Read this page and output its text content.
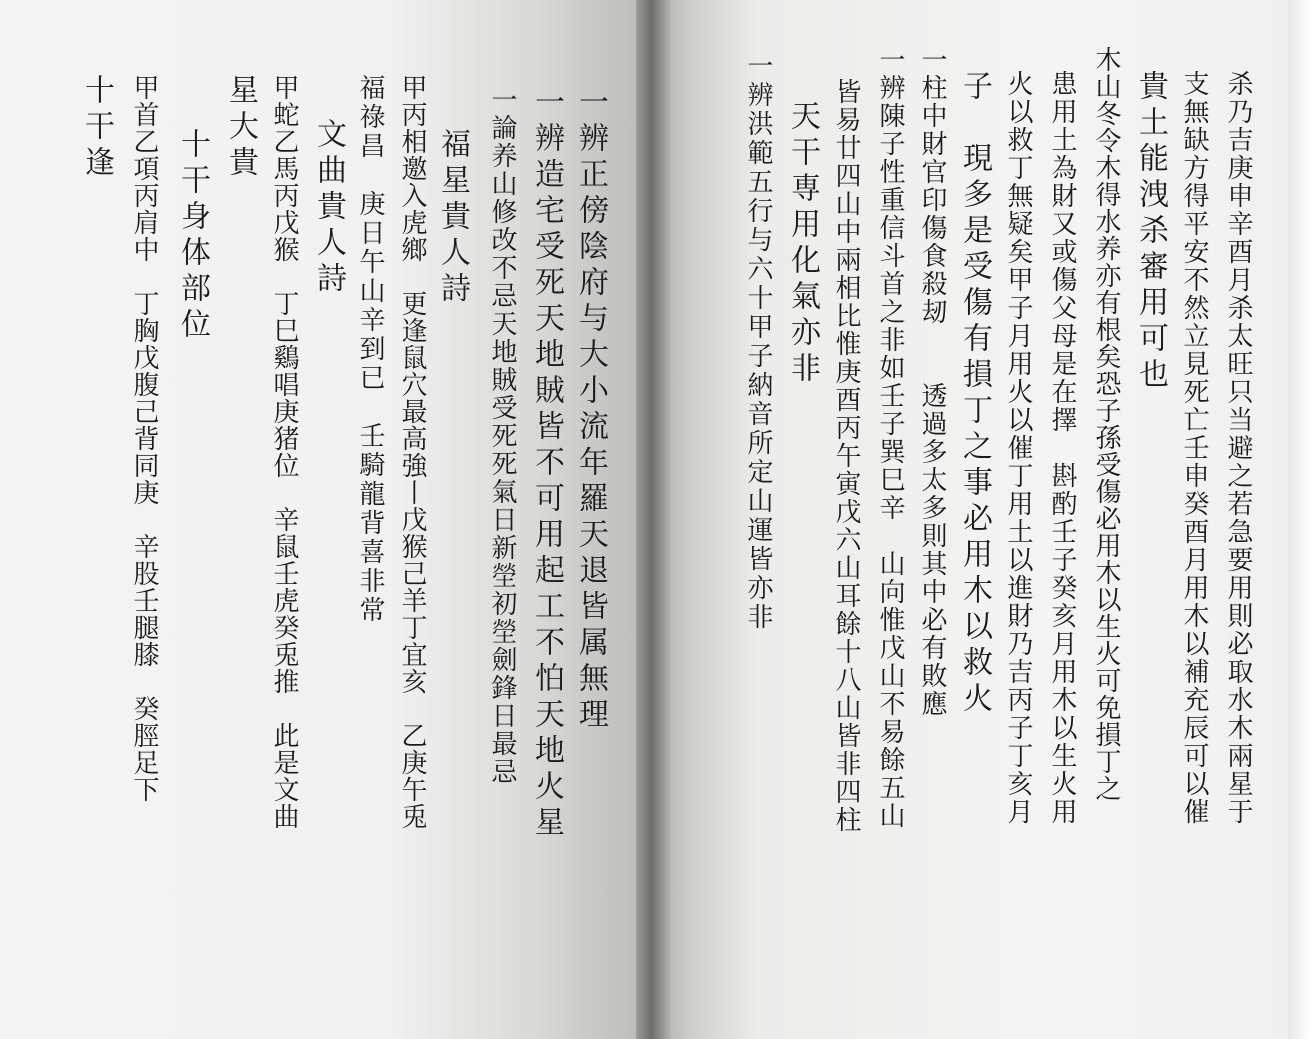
一辨正傍陰府与大小流年羅天退皆属無理
一辨造宅受死天地賊皆不可用起工不怕天地火星
一論养山修改不忌天地賊受死死氣日新塋初塋劍鋒日最忌
福星貴人詩
甲丙相邀入虎鄉　更逢鼠穴最高強丨戊猴己羊丁宜亥　乙庚午兎
福祿昌　庚日午山辛到已　壬騎龍背喜非常
文曲貴人詩
甲蛇乙馬丙戊猴　丁巳鷄唱庚猪位　辛鼠壬虎癸兎推　此是文曲
星大貴
十干身体部位
甲首乙項丙肩中　丁胸戊腹己背同庚　辛股壬腿膝　癸脛足下
十干逢	杀乃吉庚申辛酉月杀太旺只当避之若急要用則必取水木兩星于
支無缺方得平安不然立見死亡壬申癸酉月用木以補充辰可以催
貴土能洩杀審用可也
木山冬令木得水养亦有根矣恐子孫受傷必用木以生火可免損丁之
患用土為財又或傷父母是在擇　斟酌壬子癸亥月用木以生火用
火以救丁無疑矣甲子月用火以催丁用土以進財乃吉丙子丁亥月
子　現多是受傷有損丁之事必用木以救火
一柱中財官印傷食殺刼　　透過多太多則其中必有敗應
一辨陳子性重信斗首之非如壬子巽巳辛　山向惟戊山不易餘五山
皆易廿四山中兩相比惟庚酉丙午寅戊六山耳餘十八山皆非四柱
天干専用化氣亦非
一辨洪範五行与六十甲子納音所定山運皆亦非
